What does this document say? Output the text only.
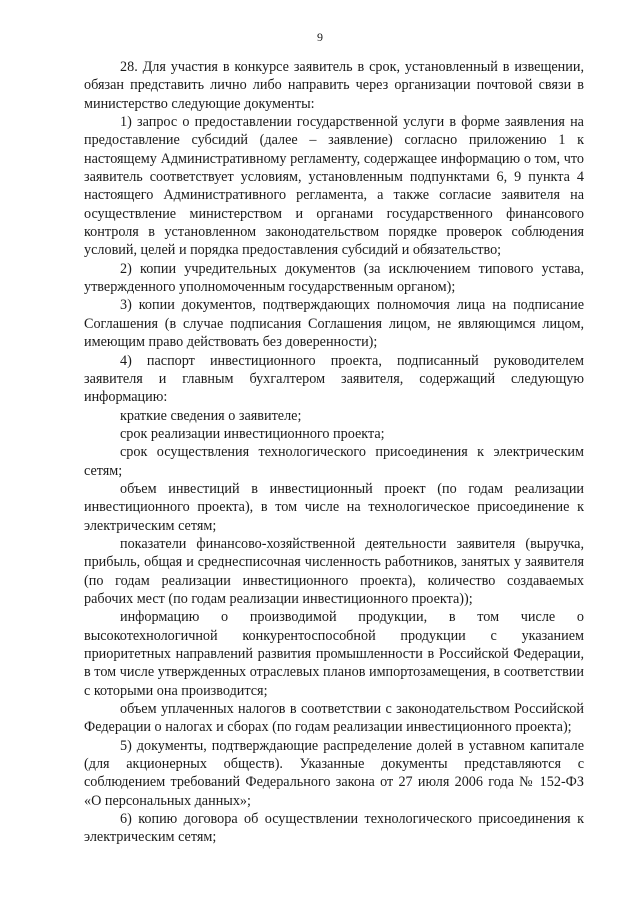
9

28. Для участия в конкурсе заявитель в срок, установленный в извещении, обязан представить лично либо направить через организации почтовой связи в министерство следующие документы:

1) запрос о предоставлении государственной услуги в форме заявления на предоставление субсидий (далее – заявление) согласно приложению 1 к настоящему Административному регламенту, содержащее информацию о том, что заявитель соответствует условиям, установленным подпунктами 6, 9 пункта 4 настоящего Административного регламента, а также согласие заявителя на осуществление министерством и органами государственного финансового контроля в установленном законодательством порядке проверок соблюдения условий, целей и порядка предоставления субсидий и обязательство;

2) копии учредительных документов (за исключением типового устава, утвержденного уполномоченным государственным органом);

3) копии документов, подтверждающих полномочия лица на подписание Соглашения (в случае подписания Соглашения лицом, не являющимся лицом, имеющим право действовать без доверенности);

4) паспорт инвестиционного проекта, подписанный руководителем заявителя и главным бухгалтером заявителя, содержащий следующую информацию:

краткие сведения о заявителе;

срок реализации инвестиционного проекта;

срок осуществления технологического присоединения к электрическим сетям;

объем инвестиций в инвестиционный проект (по годам реализации инвестиционного проекта), в том числе на технологическое присоединение к электрическим сетям;

показатели финансово-хозяйственной деятельности заявителя (выручка, прибыль, общая и среднесписочная численность работников, занятых у заявителя (по годам реализации инвестиционного проекта), количество создаваемых рабочих мест (по годам реализации инвестиционного проекта));

информацию о производимой продукции, в том числе о высокотехнологичной конкурентоспособной продукции с указанием приоритетных направлений развития промышленности в Российской Федерации, в том числе утвержденных отраслевых планов импортозамещения, в соответствии с которыми она производится;

объем уплаченных налогов в соответствии с законодательством Российской Федерации о налогах и сборах (по годам реализации инвестиционного проекта);

5) документы, подтверждающие распределение долей в уставном капитале (для акционерных обществ). Указанные документы представляются с соблюдением требований Федерального закона от 27 июля 2006 года № 152-ФЗ «О персональных данных»;

6) копию договора об осуществлении технологического присоединения к электрическим сетям;
